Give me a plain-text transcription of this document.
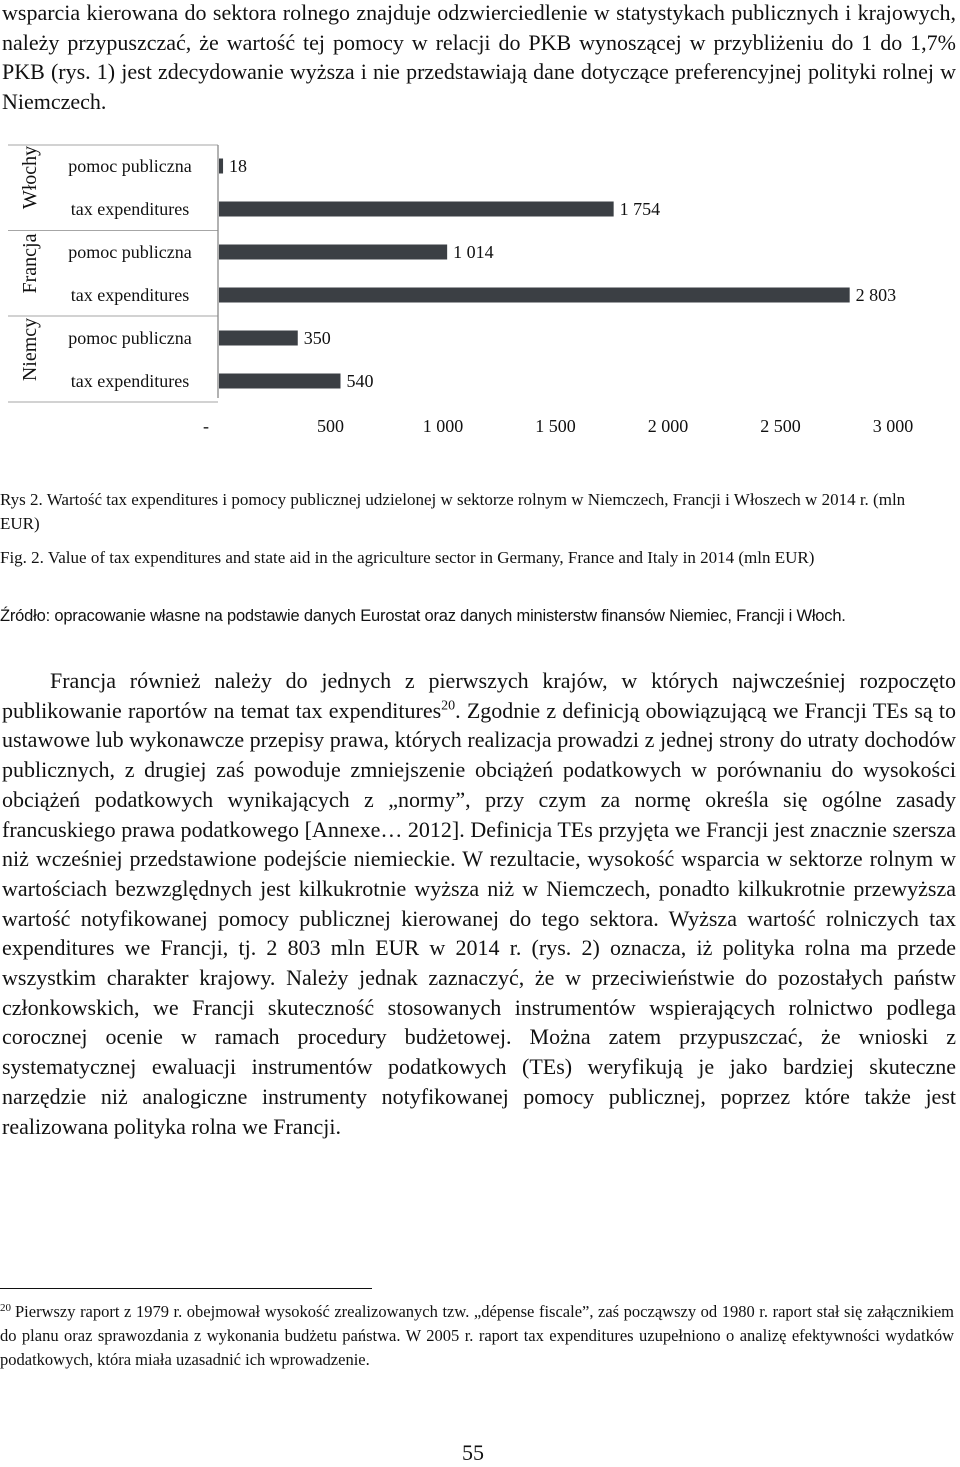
wsparcia kierowana do sektora rolnego znajduje odzwierciedlenie w statystykach publicznych i krajowych, należy przypuszczać, że wartość tej pomocy w relacji do PKB wynoszącej w przybliżeniu do 1 do 1,7% PKB (rys. 1) jest zdecydowanie wyższa i nie przedstawiają dane dotyczące preferencyjnej polityki rolnej w Niemczech.

Włochy pomoc publiczna 18
tax expenditures	1 754
Francja pomoc publiczna	1 014
tax expenditures	2 803
Niemcy pomoc publiczna	350
tax expenditures	540
-	500	1 000	1 500	2 000	2 500	3 000

Rys 2. Wartość tax expenditures i pomocy publicznej udzielonej w sektorze rolnym w Niemczech, Francji i Włoszech w 2014 r. (mln EUR)

Fig. 2. Value of tax expenditures and state aid in the agriculture sector in Germany, France and Italy in 2014 (mln EUR)

Źródło: opracowanie własne na podstawie danych Eurostat oraz danych ministerstw finansów Niemiec, Francji i Włoch.

Francja również należy do jednych z pierwszych krajów, w których najwcześniej rozpoczęto publikowanie raportów na temat tax expenditures$^{20}$. Zgodnie z definicją obowiązującą we Francji TEs są to ustawowe lub wykonawcze przepisy prawa, których realizacja prowadzi z jednej strony do utraty dochodów publicznych, z drugiej zaś powoduje zmniejszenie obciążeń podatkowych w porównaniu do wysokości obciążeń podatkowych wynikających z „normy”, przy czym za normę określa się ogólne zasady francuskiego prawa podatkowego [Annexe… 2012]. Definicja TEs przyjęta we Francji jest znacznie szersza niż wcześniej przedstawione podejście niemieckie. W rezultacie, wysokość wsparcia w sektorze rolnym w wartościach bezwzględnych jest kilkukrotnie wyższa niż w Niemczech, ponadto kilkukrotnie przewyższa wartość notyfikowanej pomocy publicznej kierowanej do tego sektora. Wyższa wartość rolniczych tax expenditures we Francji, tj. 2 803 mln EUR w 2014 r. (rys. 2) oznacza, iż polityka rolna ma przede wszystkim charakter krajowy. Należy jednak zaznaczyć, że w przeciwieństwie do pozostałych państw członkowskich, we Francji skuteczność stosowanych instrumentów wspierających rolnictwo podlega corocznej ocenie w ramach procedury budżetowej. Można zatem przypuszczać, że wnioski z systematycznej ewaluacji instrumentów podatkowych (TEs) weryfikują je jako bardziej skuteczne narzędzie niż analogiczne instrumenty notyfikowanej pomocy publicznej, poprzez które także jest realizowana polityka rolna we Francji.

$^{20}$ Pierwszy raport z 1979 r. obejmował wysokość zrealizowanych tzw. „dépense fiscale”, zaś począwszy od 1980 r. raport stał się załącznikiem do planu oraz sprawozdania z wykonania budżetu państwa. W 2005 r. raport tax expenditures uzupełniono o analizę efektywności wydatków podatkowych, która miała uzasadnić ich wprowadzenie.

55
